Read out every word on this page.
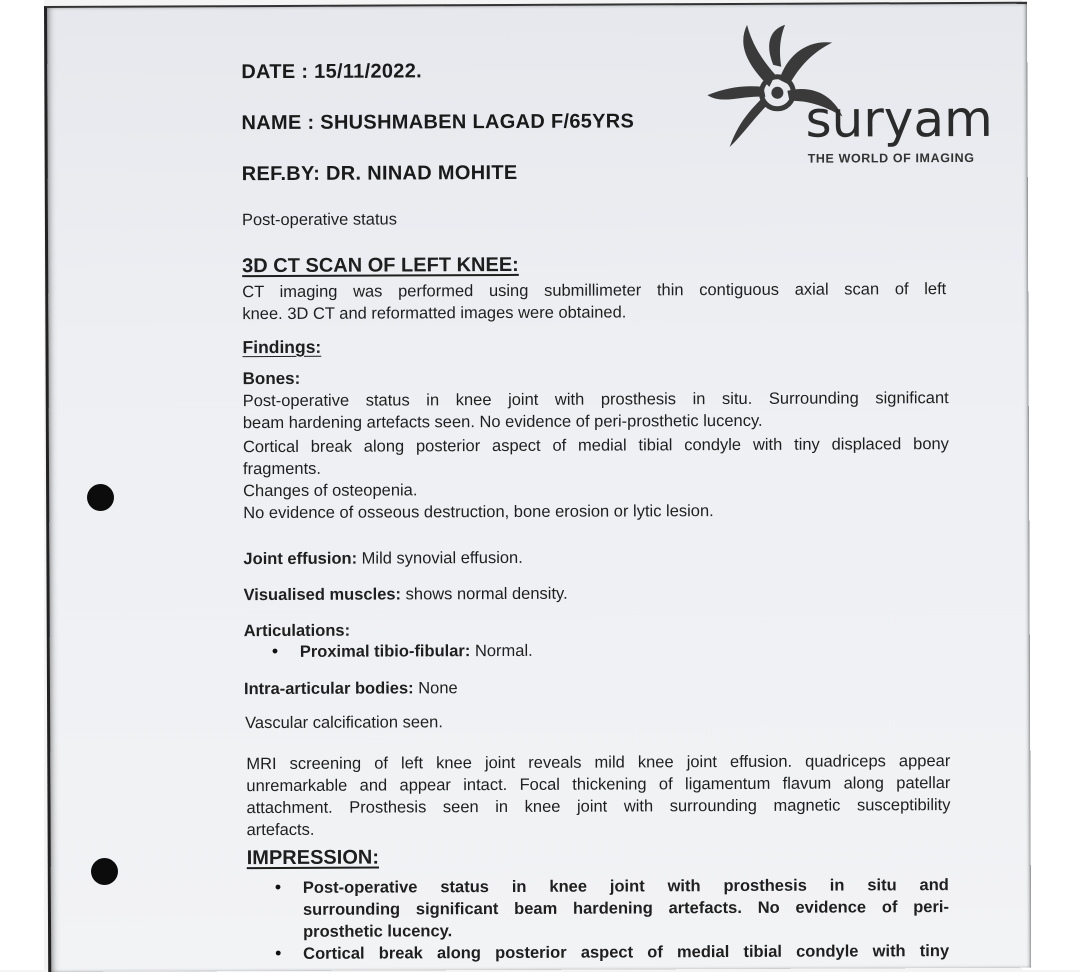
DATE : 15/11/2022.
NAME : SHUSHMABEN LAGAD F/65YRS
REF.BY: DR. NINAD MOHITE
suryam
THE WORLD OF IMAGING
Post-operative status
3D CT SCAN OF LEFT KNEE:
CT imaging was performed using submillimeter thin contiguous axial scan of left
knee. 3D CT and reformatted images were obtained.
Findings:
Bones:
Post-operative status in knee joint with prosthesis in situ. Surrounding significant
beam hardening artefacts seen. No evidence of peri-prosthetic lucency.
Cortical break along posterior aspect of medial tibial condyle with tiny displaced bony
fragments.
Changes of osteopenia.
No evidence of osseous destruction, bone erosion or lytic lesion.
Joint effusion: Mild synovial effusion.
Visualised muscles: shows normal density.
Articulations:
• Proximal tibio-fibular: Normal.
Intra-articular bodies: None
Vascular calcification seen.
MRI screening of left knee joint reveals mild knee joint effusion. quadriceps appear
unremarkable and appear intact. Focal thickening of ligamentum flavum along patellar
attachment. Prosthesis seen in knee joint with surrounding magnetic susceptibility
artefacts.
IMPRESSION:
• Post-operative status in knee joint with prosthesis in situ and
surrounding significant beam hardening artefacts. No evidence of peri-
prosthetic lucency.
• Cortical break along posterior aspect of medial tibial condyle with tiny
